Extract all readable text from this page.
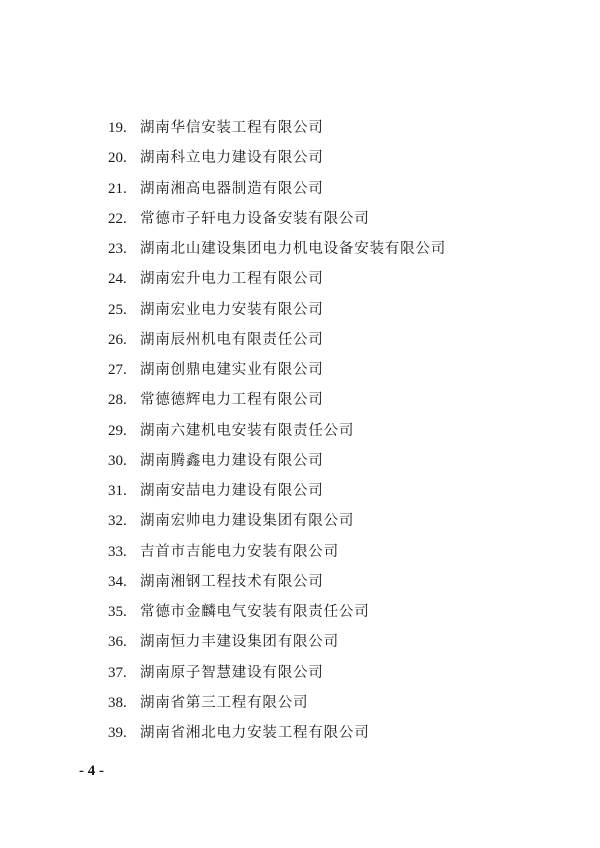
19. 湖南华信安装工程有限公司
20. 湖南科立电力建设有限公司
21. 湖南湘高电器制造有限公司
22. 常德市子轩电力设备安装有限公司
23. 湖南北山建设集团电力机电设备安装有限公司
24. 湖南宏升电力工程有限公司
25. 湖南宏业电力安装有限公司
26. 湖南辰州机电有限责任公司
27. 湖南创鼎电建实业有限公司
28. 常德德辉电力工程有限公司
29. 湖南六建机电安装有限责任公司
30. 湖南腾鑫电力建设有限公司
31. 湖南安喆电力建设有限公司
32. 湖南宏帅电力建设集团有限公司
33. 吉首市吉能电力安装有限公司
34. 湖南湘钢工程技术有限公司
35. 常德市金麟电气安装有限责任公司
36. 湖南恒力丰建设集团有限公司
37. 湖南原子智慧建设有限公司
38. 湖南省第三工程有限公司
39. 湖南省湘北电力安装工程有限公司
- 4 -
